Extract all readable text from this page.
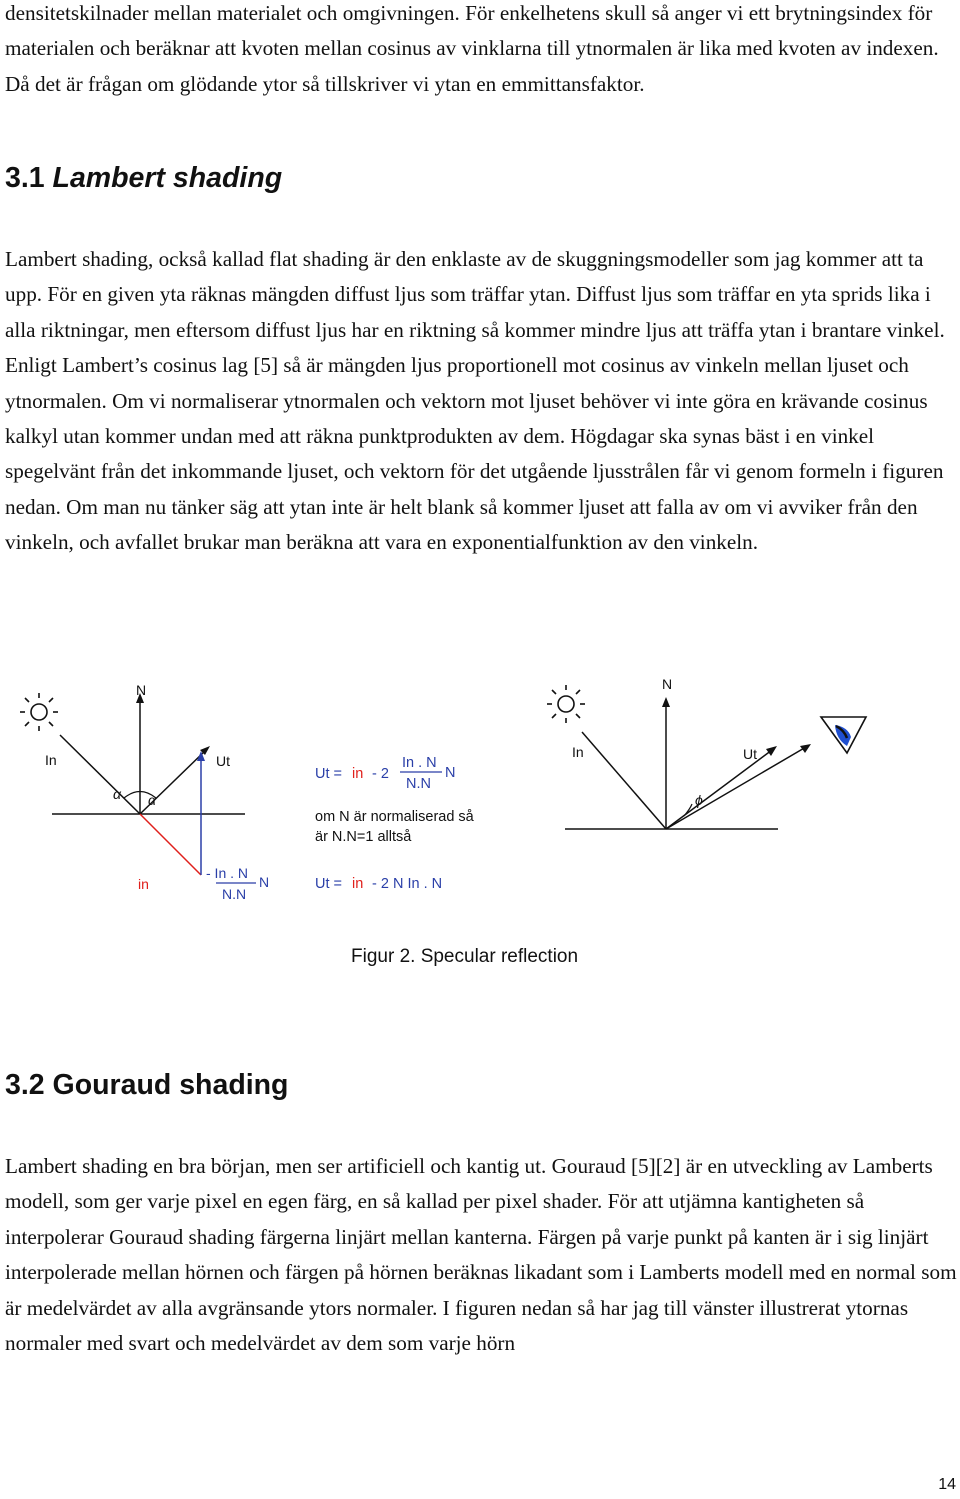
densitetskilnader mellan materialet och omgivningen. För enkelhetens skull så anger vi ett brytningsindex för materialen och beräknar att kvoten mellan cosinus av vinklarna till ytnormalen är lika med kvoten av indexen. Då det är frågan om glödande ytor så tillskriver vi ytan en emmittansfaktor.

3.1 Lambert shading

Lambert shading, också kallad flat shading är den enklaste av de skuggningsmodeller som jag kommer att ta upp. För en given yta räknas mängden diffust ljus som träffar ytan. Diffust ljus som träffar en yta sprids lika i alla riktningar, men eftersom diffust ljus har en riktning så kommer mindre ljus att träffa ytan i brantare vinkel. Enligt Lambert’s cosinus lag [5] så är mängden ljus proportionell mot cosinus av vinkeln mellan ljuset och ytnormalen. Om vi normaliserar ytnormalen och vektorn mot ljuset behöver vi inte göra en krävande cosinus kalkyl utan kommer undan med att räkna punktprodukten av dem. Högdagar ska synas bäst i en vinkel spegelvänt från det inkommande ljuset, och vektorn för det utgående ljusstrålen får vi genom formeln i figuren nedan. Om man nu tänker säg att ytan inte är helt blank så kommer ljuset att falla av om vi avviker från den vinkeln, och avfallet brukar man beräkna att vara en exponentialfunktion av den vinkeln.

N
In	Ut
α α
in
- In . N
N.N
N
Ut = in - 2
In . N
N.N
N
om N är normaliserad så
är N.N=1 alltså
Ut = in - 2 N In . N
N
In	Ut
ϕ

Figur 2. Specular reflection

3.2 Gouraud shading

Lambert shading en bra början, men ser artificiell och kantig ut. Gouraud [5][2] är en utveckling av Lamberts modell, som ger varje pixel en egen färg, en så kallad per pixel shader. För att utjämna kantigheten så interpolerar Gouraud shading färgerna linjärt mellan kanterna. Färgen på varje punkt på kanten är i sig linjärt interpolerade mellan hörnen och färgen på hörnen beräknas likadant som i Lamberts modell med en normal som är medelvärdet av alla avgränsande ytors normaler. I figuren nedan så har jag till vänster illustrerat ytornas normaler med svart och medelvärdet av dem som varje hörn

14
